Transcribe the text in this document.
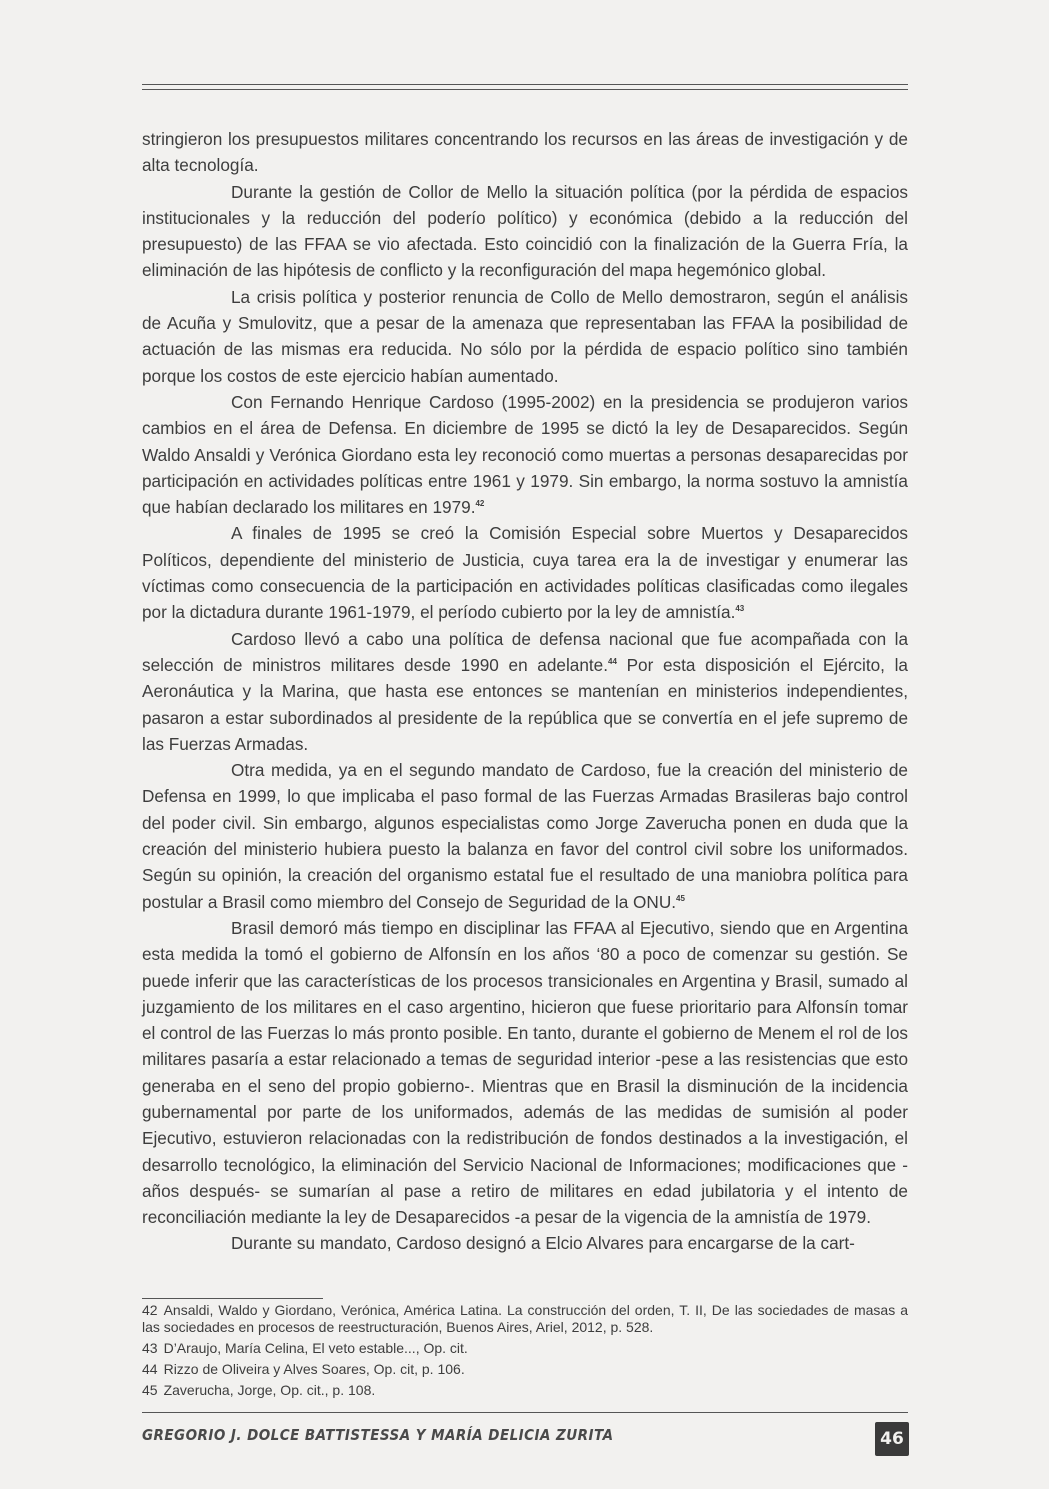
stringieron los presupuestos militares concentrando los recursos en las áreas de investigación y de alta tecnología.

Durante la gestión de Collor de Mello la situación política (por la pérdida de espacios institucionales y la reducción del poderío político) y económica (debido a la reducción del presupuesto) de las FFAA se vio afectada. Esto coincidió con la finalización de la Guerra Fría, la eliminación de las hipótesis de conflicto y la reconfiguración del mapa hegemónico global.

La crisis política y posterior renuncia de Collo de Mello demostraron, según el análisis de Acuña y Smulovitz, que a pesar de la amenaza que representaban las FFAA la posibilidad de actuación de las mismas era reducida. No sólo por la pérdida de espacio político sino también porque los costos de este ejercicio habían aumentado.

Con Fernando Henrique Cardoso (1995-2002) en la presidencia se produjeron varios cambios en el área de Defensa. En diciembre de 1995 se dictó la ley de Desaparecidos. Según Waldo Ansaldi y Verónica Giordano esta ley reconoció como muertas a personas desaparecidas por participación en actividades políticas entre 1961 y 1979. Sin embargo, la norma sostuvo la amnistía que habían declarado los militares en 1979.42

A finales de 1995 se creó la Comisión Especial sobre Muertos y Desaparecidos Políticos, dependiente del ministerio de Justicia, cuya tarea era la de investigar y enumerar las víctimas como consecuencia de la participación en actividades políticas clasificadas como ilegales por la dictadura durante 1961-1979, el período cubierto por la ley de amnistía.$^{43}$

Cardoso llevó a cabo una política de defensa nacional que fue acompañada con la selección de ministros militares desde 1990 en adelante.$^{44}$ Por esta disposición el Ejército, la Aeronáutica y la Marina, que hasta ese entonces se mantenían en ministerios independientes, pasaron a estar subordinados al presidente de la república que se convertía en el jefe supremo de las Fuerzas Armadas.

Otra medida, ya en el segundo mandato de Cardoso, fue la creación del ministerio de Defensa en 1999, lo que implicaba el paso formal de las Fuerzas Armadas Brasileras bajo control del poder civil. Sin embargo, algunos especialistas como Jorge Zaverucha ponen en duda que la creación del ministerio hubiera puesto la balanza en favor del control civil sobre los uniformados. Según su opinión, la creación del organismo estatal fue el resultado de una maniobra política para postular a Brasil como miembro del Consejo de Seguridad de la ONU.$^{45}$

Brasil demoró más tiempo en disciplinar las FFAA al Ejecutivo, siendo que en Argentina esta medida la tomó el gobierno de Alfonsín en los años ‘80 a poco de comenzar su gestión. Se puede inferir que las características de los procesos transicionales en Argentina y Brasil, sumado al juzgamiento de los militares en el caso argentino, hicieron que fuese prioritario para Alfonsín tomar el control de las Fuerzas lo más pronto posible. En tanto, durante el gobierno de Menem el rol de los militares pasaría a estar relacionado a temas de seguridad interior -pese a las resistencias que esto generaba en el seno del propio gobierno-. Mientras que en Brasil la disminución de la incidencia gubernamental por parte de los uniformados, además de las medidas de sumisión al poder Ejecutivo, estuvieron relacionadas con la redistribución de fondos destinados a la investigación, el desarrollo tecnológico, la eliminación del Servicio Nacional de Informaciones; modificaciones que -años después- se sumarían al pase a retiro de militares en edad jubilatoria y el intento de reconciliación mediante la ley de Desaparecidos -a pesar de la vigencia de la amnistía de 1979.

Durante su mandato, Cardoso designó a Elcio Alvares para encargarse de la cart-

42 Ansaldi, Waldo y Giordano, Verónica, América Latina. La construcción del orden, T. II, De las sociedades de masas a las sociedades en procesos de reestructuración, Buenos Aires, Ariel, 2012, p. 528.
43 D’Araujo, María Celina, El veto estable..., Op. cit.
44 Rizzo de Oliveira y Alves Soares, Op. cit, p. 106.
45 Zaverucha, Jorge, Op. cit., p. 108.
GREGORIO J. DOLCE BATTISTESSA Y MARÍA DELICIA ZURITA	46
